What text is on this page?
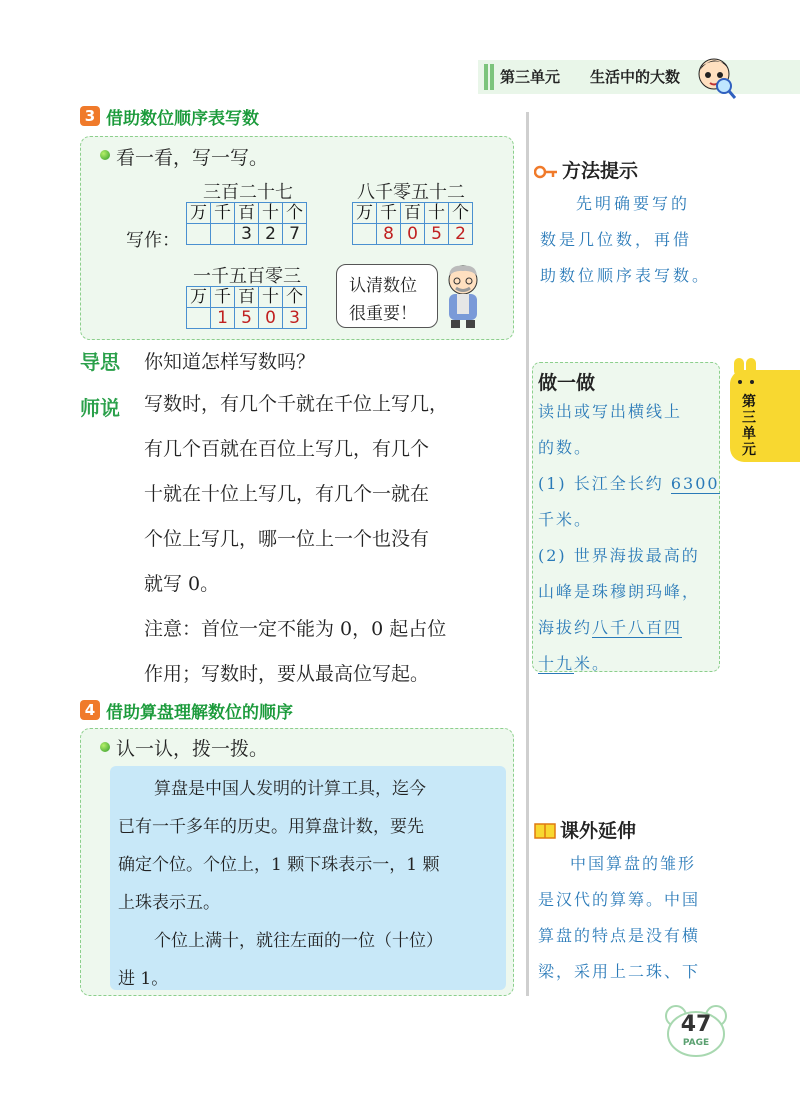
第三单元 生活中的大数
3 借助数位顺序表写数
看一看，写一写。
三百二十七	八千零五十二
写作：
万	千	百	十	个
		3	2	7
万	千	百	十	个
	8	0	5	2
一千五百零三
万	千	百	十	个
	1	5	0	3
认清数位
很重要！
导思 你知道怎样写数吗？
师说 写数时，有几个千就在千位上写几，
有几个百就在百位上写几，有几个
十就在十位上写几，有几个一就在
个位上写几，哪一位上一个也没有
就写 0。
注意：首位一定不能为 0，0 起占位
作用；写数时，要从最高位写起。
4 借助算盘理解数位的顺序
认一认，拨一拨。
算盘是中国人发明的计算工具，迄今
已有一千多年的历史。用算盘计数，要先
确定个位。个位上，1 颗下珠表示一，1 颗
上珠表示五。
个位上满十，就往左面的一位（十位）
进 1。
方法提示
先明确要写的
数是几位数，再借
助数位顺序表写数。
做一做
读出或写出横线上
的数。
(1) 长江全长约 6300
千米。
(2) 世界海拔最高的
山峰是珠穆朗玛峰，
海拔约八千八百四
十九米。
课外延伸
中国算盘的雏形
是汉代的算筹。中国
算盘的特点是没有横
梁，采用上二珠、下
第三单元
47
PAGE
